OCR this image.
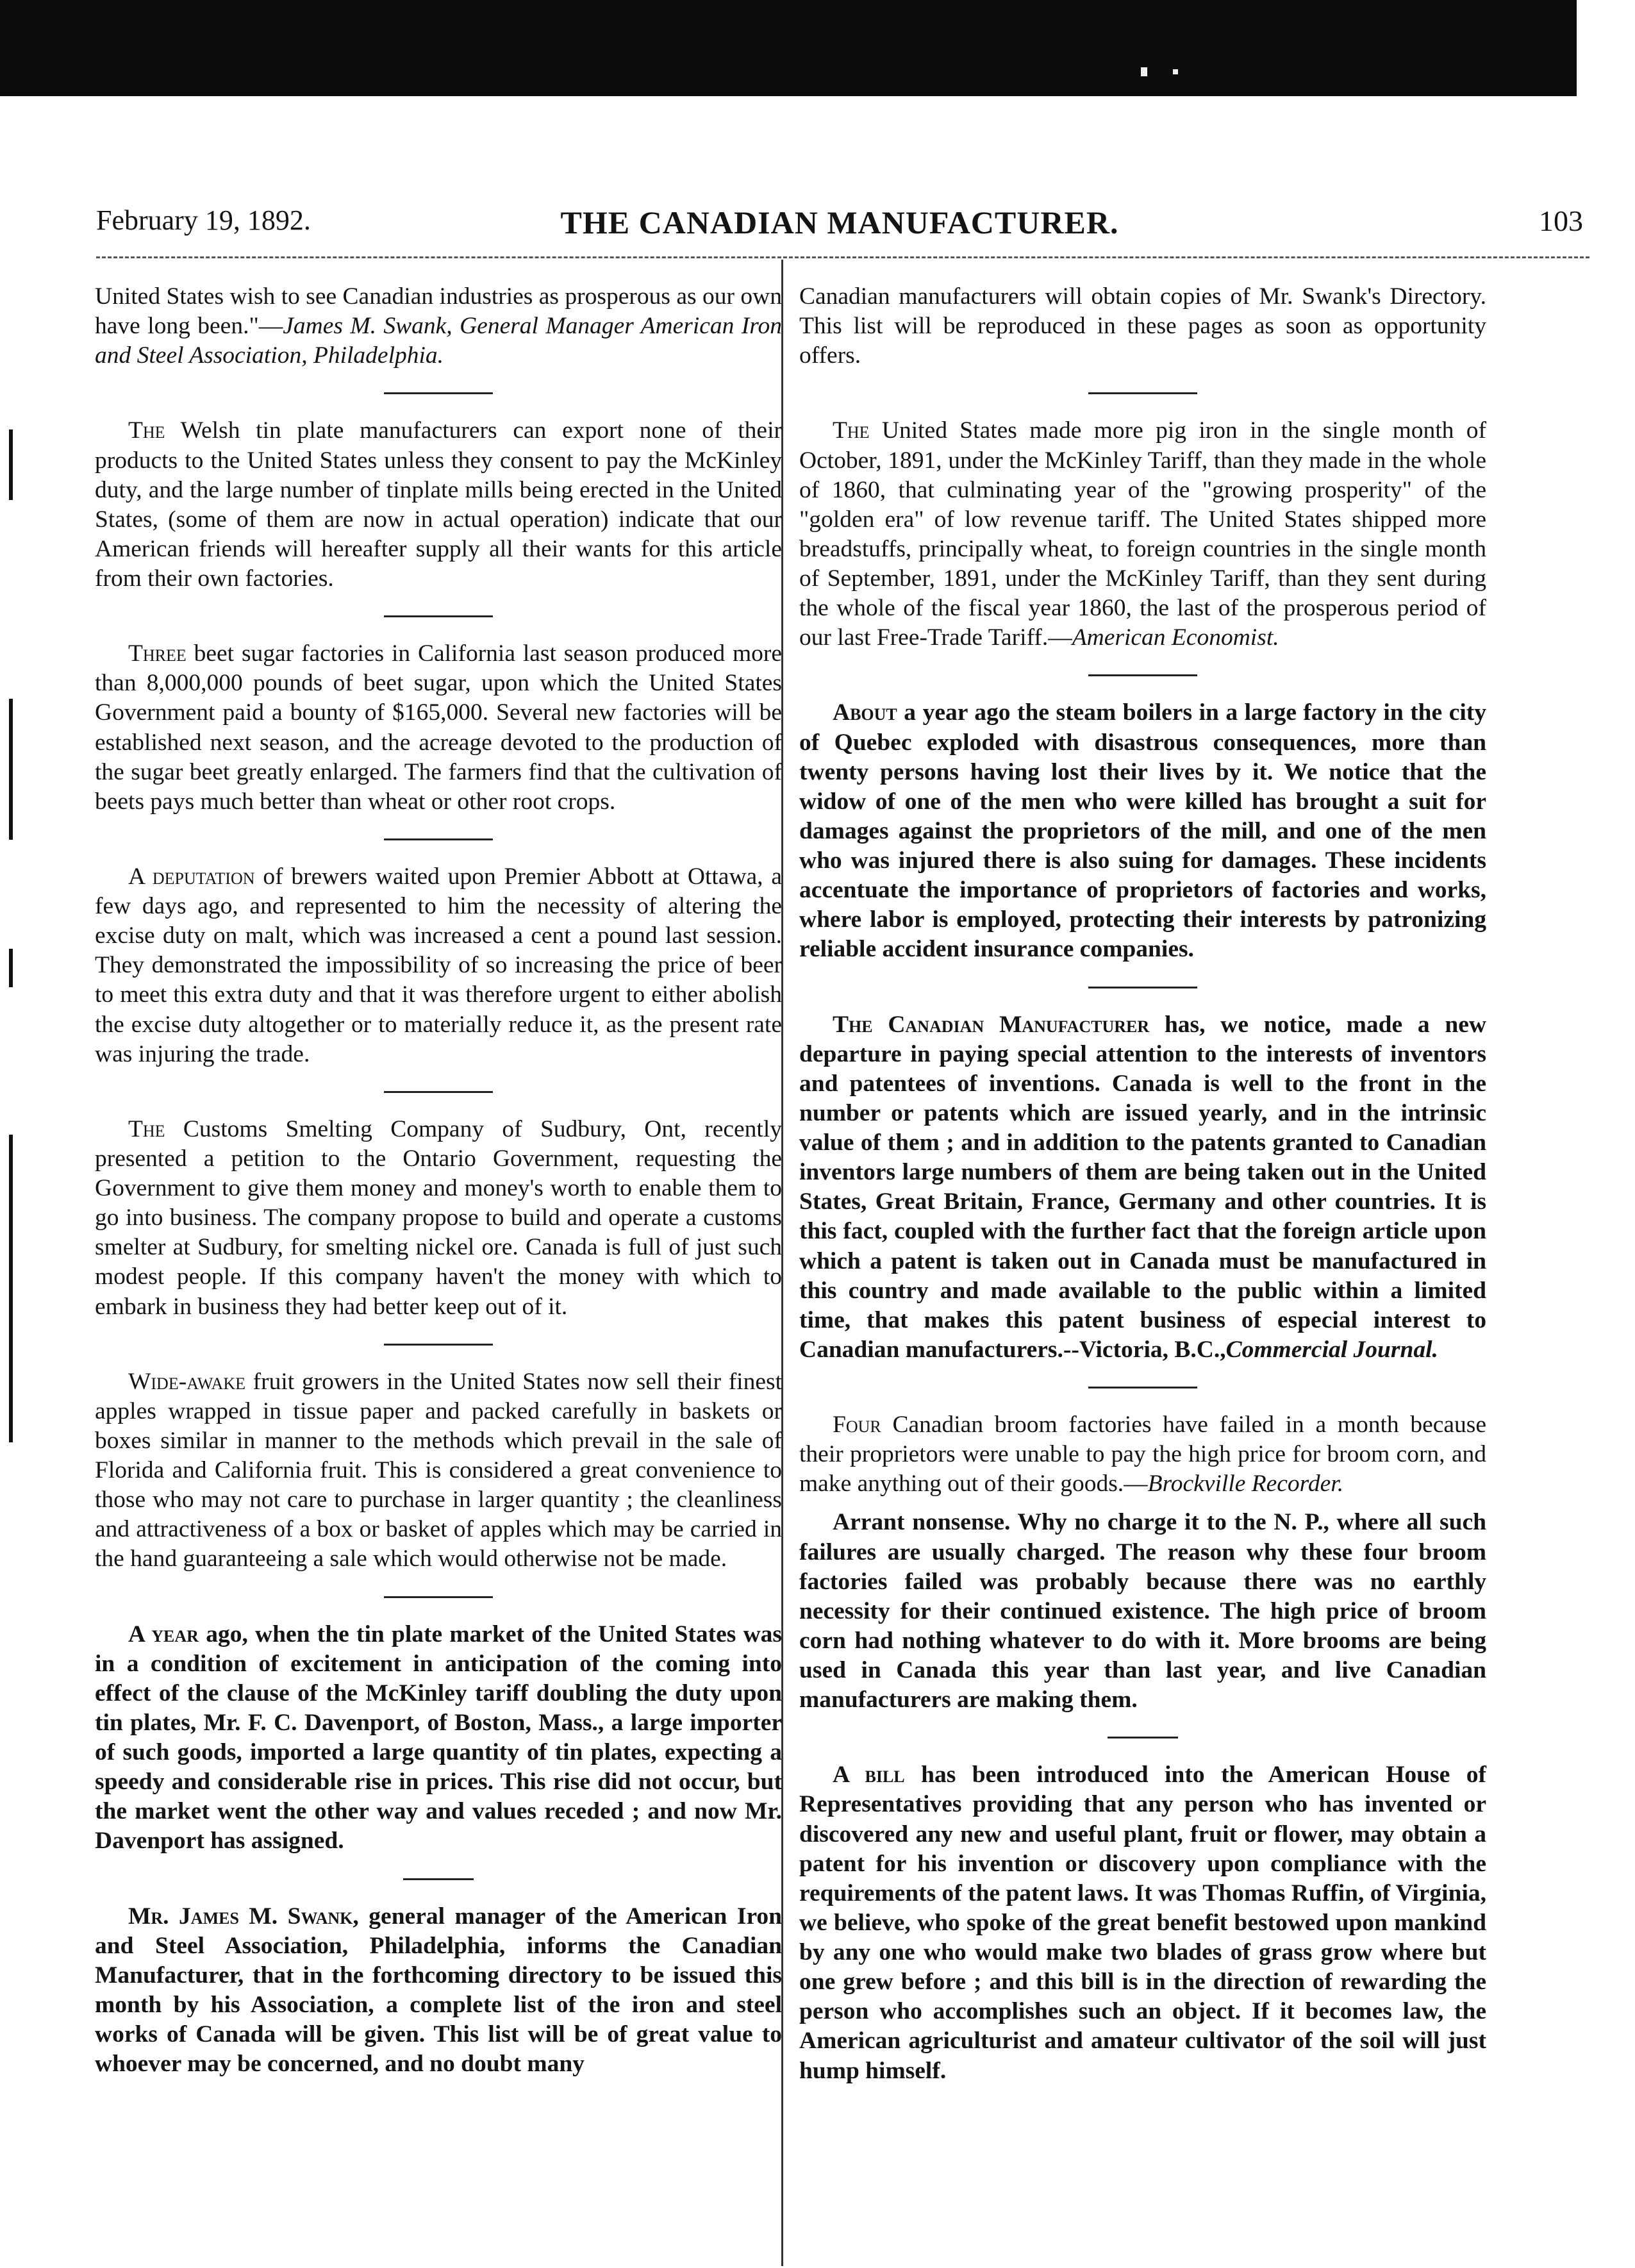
February 19, 1892.	THE CANADIAN MANUFACTURER.	103

United States wish to see Canadian industries as prosperous as our own have long been."—James M. Swank, General Manager American Iron and Steel Association, Philadelphia.

The Welsh tin plate manufacturers can export none of their products to the United States unless they consent to pay the McKinley duty, and the large number of tinplate mills being erected in the United States, (some of them are now in actual operation) indicate that our American friends will hereafter supply all their wants for this article from their own factories.

Three beet sugar factories in California last season produced more than 8,000,000 pounds of beet sugar, upon which the United States Government paid a bounty of $165,000. Several new factories will be established next season, and the acreage devoted to the production of the sugar beet greatly enlarged. The farmers find that the cultivation of beets pays much better than wheat or other root crops.

A deputation of brewers waited upon Premier Abbott at Ottawa, a few days ago, and represented to him the necessity of altering the excise duty on malt, which was increased a cent a pound last session. They demonstrated the impossibility of so increasing the price of beer to meet this extra duty and that it was therefore urgent to either abolish the excise duty altogether or to materially reduce it, as the present rate was injuring the trade.

The Customs Smelting Company of Sudbury, Ont, recently presented a petition to the Ontario Government, requesting the Government to give them money and money's worth to enable them to go into business. The company propose to build and operate a customs smelter at Sudbury, for smelting nickel ore. Canada is full of just such modest people. If this company haven't the money with which to embark in business they had better keep out of it.

Wide-awake fruit growers in the United States now sell their finest apples wrapped in tissue paper and packed carefully in baskets or boxes similar in manner to the methods which prevail in the sale of Florida and California fruit. This is considered a great convenience to those who may not care to purchase in larger quantity ; the cleanliness and attractiveness of a box or basket of apples which may be carried in the hand guaranteeing a sale which would otherwise not be made.

A year ago, when the tin plate market of the United States was in a condition of excitement in anticipation of the coming into effect of the clause of the McKinley tariff doubling the duty upon tin plates, Mr. F. C. Davenport, of Boston, Mass., a large importer of such goods, imported a large quantity of tin plates, expecting a speedy and considerable rise in prices. This rise did not occur, but the market went the other way and values receded ; and now Mr. Davenport has assigned.

Mr. James M. Swank, general manager of the American Iron and Steel Association, Philadelphia, informs the Canadian Manufacturer, that in the forthcoming directory to be issued this month by his Association, a complete list of the iron and steel works of Canada will be given. This list will be of great value to whoever may be concerned, and no doubt many

Canadian manufacturers will obtain copies of Mr. Swank's Directory. This list will be reproduced in these pages as soon as opportunity offers.

The United States made more pig iron in the single month of October, 1891, under the McKinley Tariff, than they made in the whole of 1860, that culminating year of the "growing prosperity" of the "golden era" of low revenue tariff. The United States shipped more breadstuffs, principally wheat, to foreign countries in the single month of September, 1891, under the McKinley Tariff, than they sent during the whole of the fiscal year 1860, the last of the prosperous period of our last Free-Trade Tariff.—American Economist.

About a year ago the steam boilers in a large factory in the city of Quebec exploded with disastrous consequences, more than twenty persons having lost their lives by it. We notice that the widow of one of the men who were killed has brought a suit for damages against the proprietors of the mill, and one of the men who was injured there is also suing for damages. These incidents accentuate the importance of proprietors of factories and works, where labor is employed, protecting their interests by patronizing reliable accident insurance companies.

The Canadian Manufacturer has, we notice, made a new departure in paying special attention to the interests of inventors and patentees of inventions. Canada is well to the front in the number or patents which are issued yearly, and in the intrinsic value of them ; and in addition to the patents granted to Canadian inventors large numbers of them are being taken out in the United States, Great Britain, France, Germany and other countries. It is this fact, coupled with the further fact that the foreign article upon which a patent is taken out in Canada must be manufactured in this country and made available to the public within a limited time, that makes this patent business of especial interest to Canadian manufacturers.--Victoria, B.C.,Commercial Journal.

Four Canadian broom factories have failed in a month because their proprietors were unable to pay the high price for broom corn, and make anything out of their goods.—Brockville Recorder.

Arrant nonsense. Why no charge it to the N. P., where all such failures are usually charged. The reason why these four broom factories failed was probably because there was no earthly necessity for their continued existence. The high price of broom corn had nothing whatever to do with it. More brooms are being used in Canada this year than last year, and live Canadian manufacturers are making them.

A bill has been introduced into the American House of Representatives providing that any person who has invented or discovered any new and useful plant, fruit or flower, may obtain a patent for his invention or discovery upon compliance with the requirements of the patent laws. It was Thomas Ruffin, of Virginia, we believe, who spoke of the great benefit bestowed upon mankind by any one who would make two blades of grass grow where but one grew before ; and this bill is in the direction of rewarding the person who accomplishes such an object. If it becomes law, the American agriculturist and amateur cultivator of the soil will just hump himself.
